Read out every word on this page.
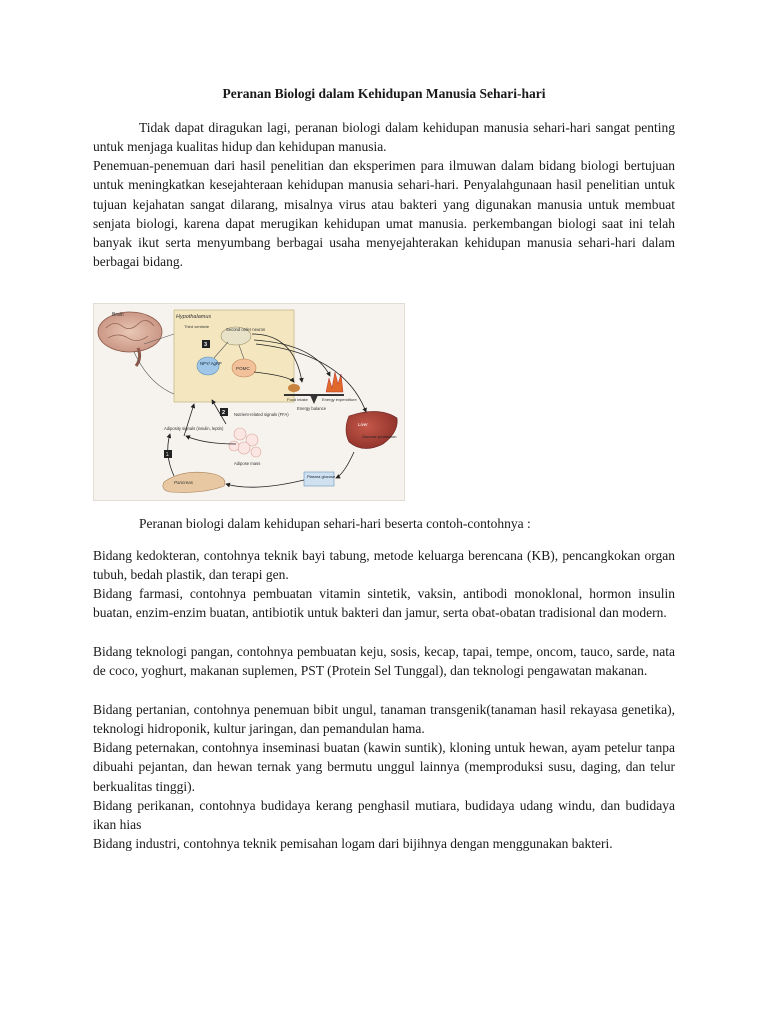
Peranan Biologi dalam Kehidupan Manusia Sehari-hari

Tidak dapat diragukan lagi, peranan biologi dalam kehidupan manusia sehari-hari sangat penting untuk menjaga kualitas hidup dan kehidupan manusia.

Penemuan-penemuan dari hasil penelitian dan eksperimen para ilmuwan dalam bidang biologi bertujuan untuk meningkatkan kesejahteraan kehidupan manusia sehari-hari. Penyalahgunaan hasil penelitian untuk tujuan kejahatan sangat dilarang, misalnya virus atau bakteri yang digunakan manusia untuk membuat senjata biologi, karena dapat merugikan kehidupan umat manusia. perkembangan biologi saat ini telah banyak ikut serta menyumbang berbagai usaha menyejahterakan kehidupan manusia sehari-hari dalam berbagai bidang.

Hypothalamus
Third ventricle
Brain
Second order neuron
NPY/ AgRP
POMC
3
Food intake	Energy expenditure
Energy balance
Liver
Glucose production
Adipose mass
2 Nutrient-related signals (FFA)
Adiposity signals (insulin, leptin)
1
Pancreas
Plasma glucose
Peranan biologi dalam kehidupan sehari-hari beserta contoh-contohnya :

Bidang kedokteran, contohnya teknik bayi tabung, metode keluarga berencana (KB), pencangkokan organ tubuh, bedah plastik, dan terapi gen.

Bidang farmasi, contohnya pembuatan vitamin sintetik, vaksin, antibodi monoklonal, hormon insulin buatan, enzim-enzim buatan, antibiotik untuk bakteri dan jamur, serta obat-obatan tradisional dan modern.

Bidang teknologi pangan, contohnya pembuatan keju, sosis, kecap, tapai, tempe, oncom, tauco, sarde, nata de coco, yoghurt, makanan suplemen, PST (Protein Sel Tunggal), dan teknologi pengawatan makanan.

Bidang pertanian, contohnya penemuan bibit ungul, tanaman transgenik(tanaman hasil rekayasa genetika), teknologi hidroponik, kultur jaringan, dan pemandulan hama.

Bidang peternakan, contohnya inseminasi buatan (kawin suntik), kloning untuk hewan, ayam petelur tanpa dibuahi pejantan, dan hewan ternak yang bermutu unggul lainnya (memproduksi susu, daging, dan telur berkualitas tinggi).

Bidang perikanan, contohnya budidaya kerang penghasil mutiara, budidaya udang windu, dan budidaya ikan hias

Bidang industri, contohnya teknik pemisahan logam dari bijihnya dengan menggunakan bakteri.
